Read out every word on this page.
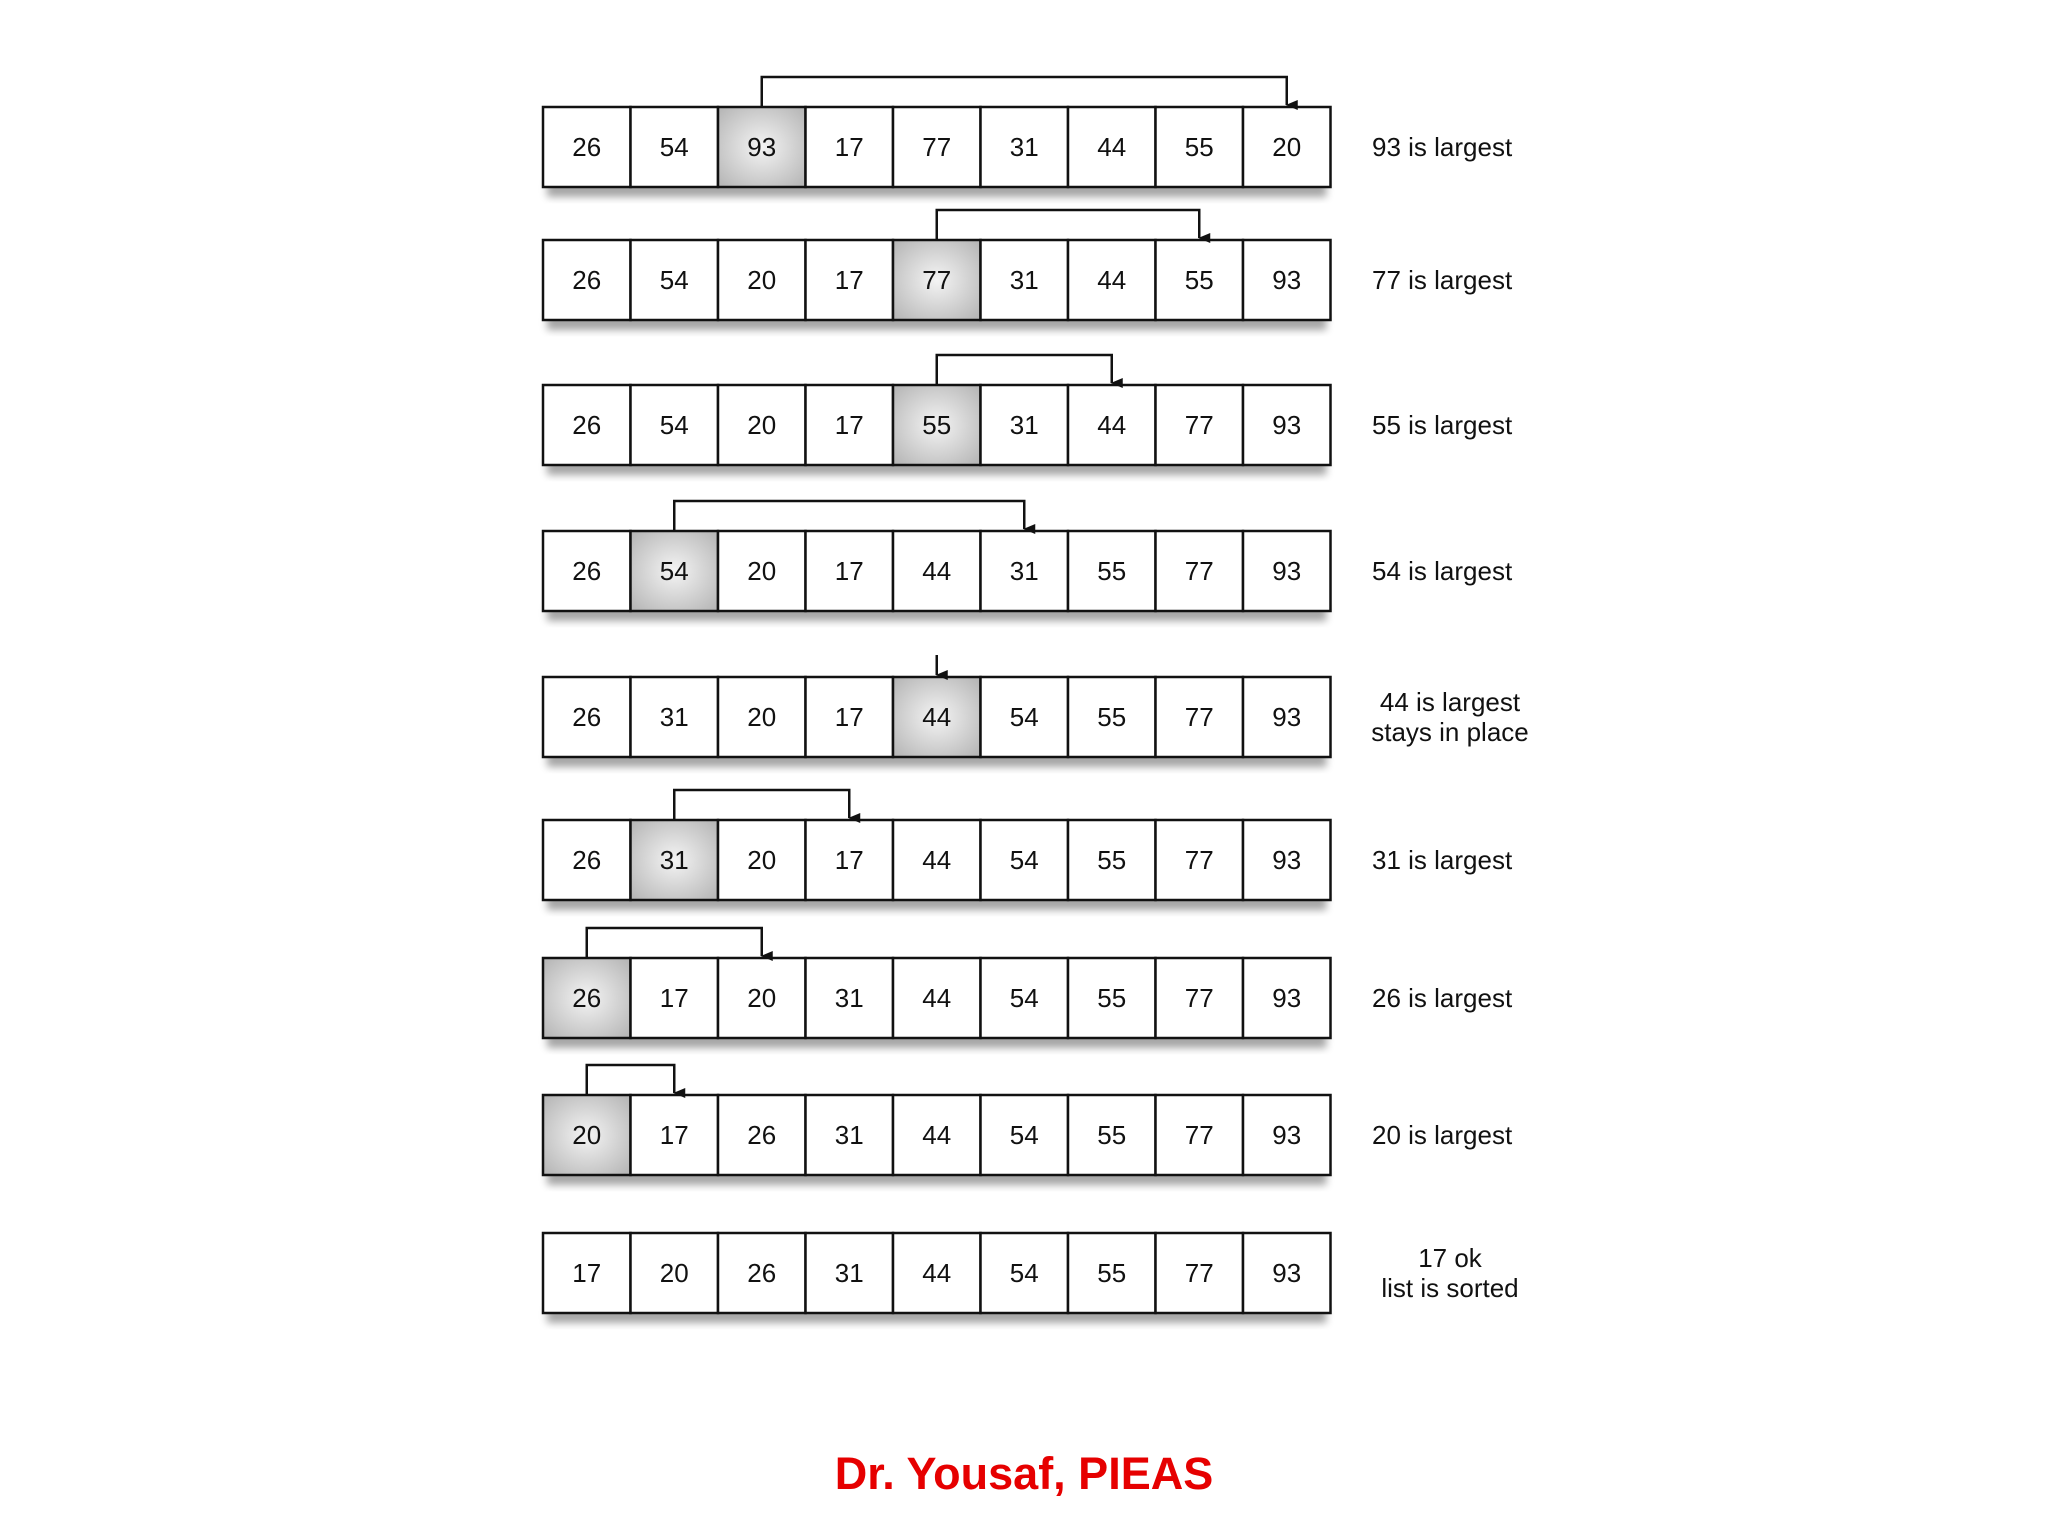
26 54 93 17 77 31 44 55 20	93 is largest
26 54 20 17 77 31 44 55 93	77 is largest
26 54 20 17 55 31 44 77 93	55 is largest
26 54 20 17 44 31 55 77 93	54 is largest
26 31 20 17 44 54 55 77 93	44 is largest
stays in place
26 31 20 17 44 54 55 77 93	31 is largest
26 17 20 31 44 54 55 77 93	26 is largest
20 17 26 31 44 54 55 77 93	20 is largest
17 20 26 31 44 54 55 77 93	17 ok
list is sorted
Dr. Yousaf, PIEAS
